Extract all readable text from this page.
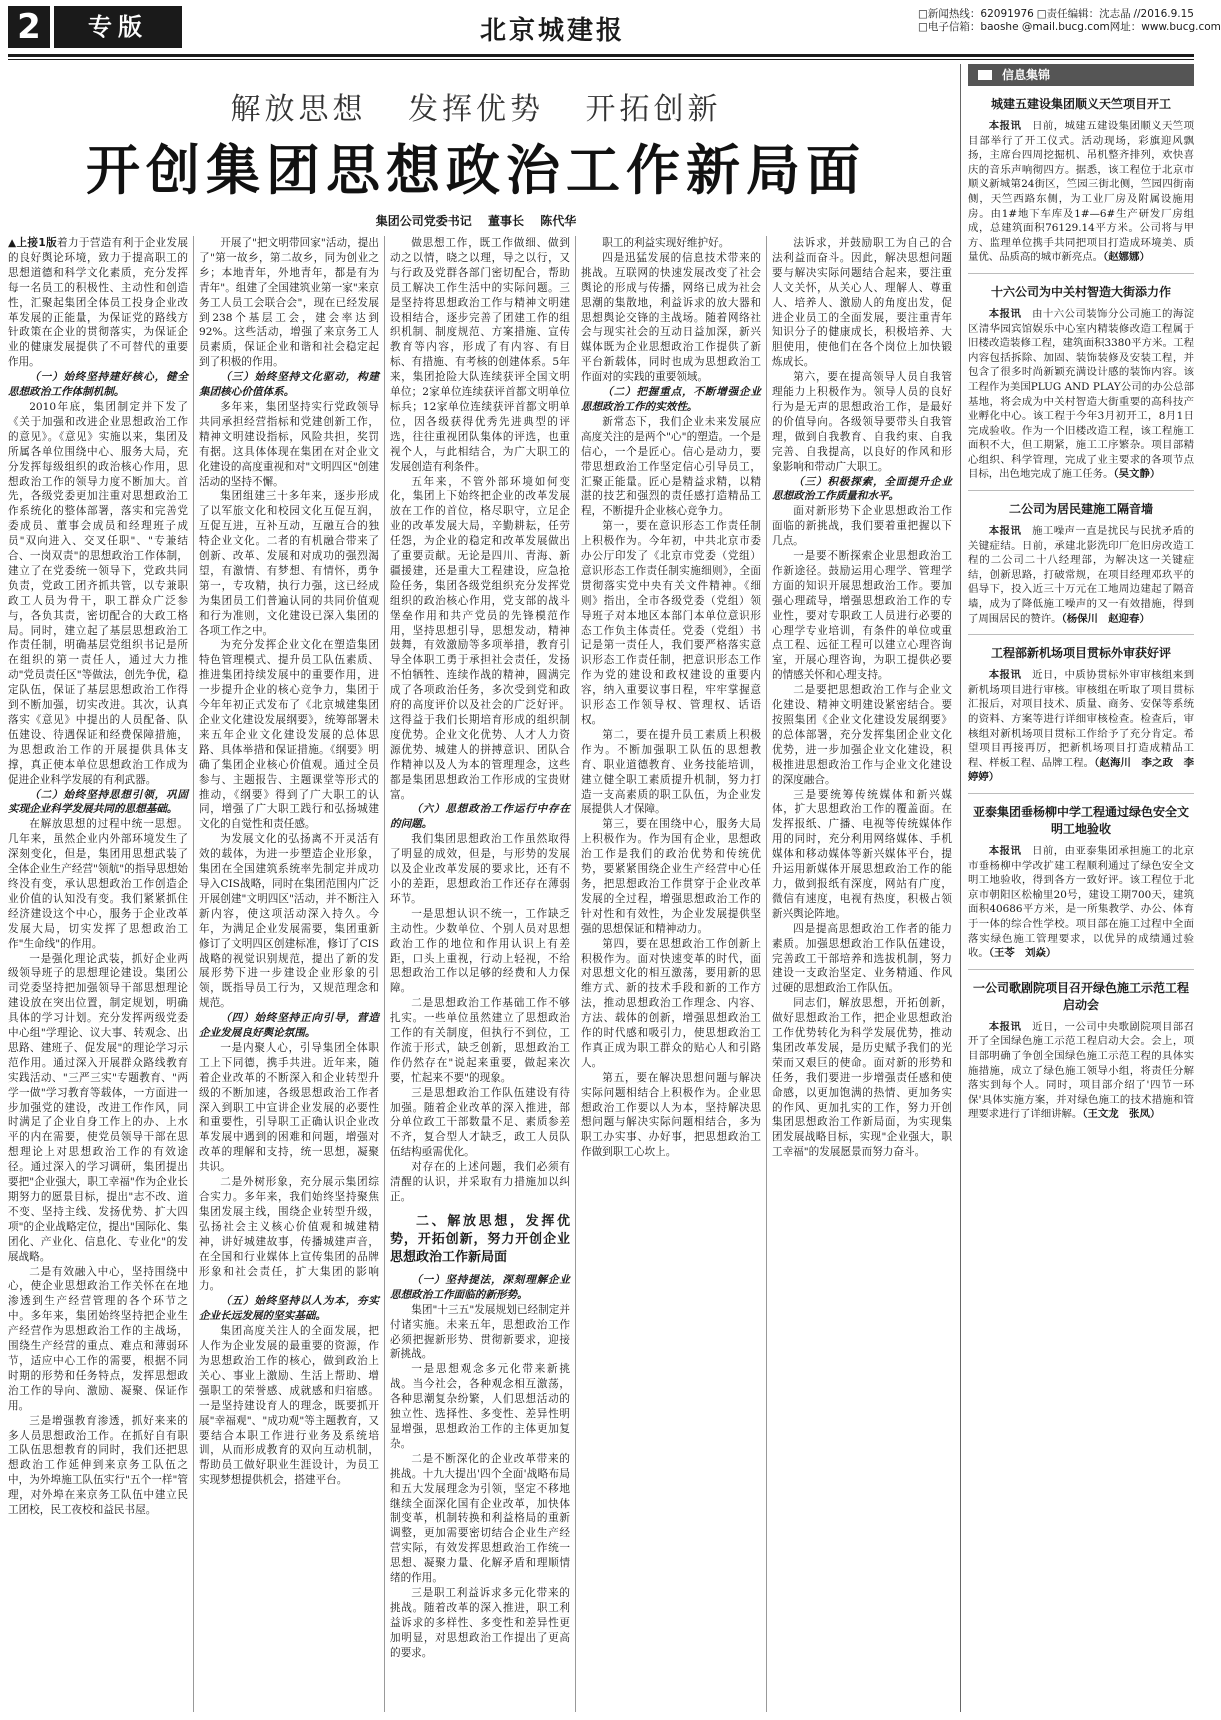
2	专版	北京城建报
□新闻热线：62091976 □责任编辑：沈志晶 //2016.9.15
□电子信箱：baoshe @mail.bucg.com 网址：www.bucg.com
解放思想 发挥优势 开拓创新
开创集团思想政治工作新局面
集团公司党委书记 董事长 陈代华

▲上接1版着力于营造有利于企业发展的良好舆论环境，致力于提高职工的思想道德和科学文化素质，充分发挥每一名员工的积极性、主动性和创造性，汇聚起集团全体员工投身企业改革发展的正能量，为保证党的路线方针政策在企业的贯彻落实，为保证企业的健康发展提供了不可替代的重要作用。

（一）始终坚持建好核心，健全思想政治工作体制机制。

2010年底，集团制定并下发了《关于加强和改进企业思想政治工作的意见》。《意见》实施以来，集团及所属各单位围绕中心、服务大局，充分发挥每级组织的政治核心作用，思想政治工作的领导力度不断加大。首先，各级党委更加注重对思想政治工作系统化的整体部署，落实和完善党委成员、董事会成员和经理班子成员"双向进入、交叉任职"、"专兼结合、一岗双责"的思想政治工作体制，建立了在党委统一领导下，党政共同负责，党政工团齐抓共管，以专兼职政工人员为骨干，职工群众广泛参与，各负其责，密切配合的大政工格局。同时，建立起了基层思想政治工作责任制，明确基层党组织书记是所在组织的第一责任人，通过大力推动"党员责任区"等做法，创先争优，稳定队伍，保证了基层思想政治工作得到不断加强，切实改进。其次，认真落实《意见》中提出的人员配备、队伍建设、待遇保证和经费保障措施，为思想政治工作的开展提供具体支撑，真正使本单位思想政治工作成为促进企业科学发展的有利武器。

（二）始终坚持思想引领，巩固实现企业科学发展共同的思想基础。

在解放思想的过程中统一思想。几年来，虽然企业内外部环境发生了深刻变化，但是，集团用思想武装了全体企业生产经营"领航"的指导思想始终没有变，承认思想政治工作创造企业价值的认知没有变。我们紧紧抓住经济建设这个中心，服务于企业改革发展大局，切实发挥了思想政治工作"生命线"的作用。

一是强化理论武装，抓好企业两级领导班子的思想理论建设。集团公司党委坚持把加强领导干部思想理论建设放在突出位置，制定规划，明确具体的学习计划。充分发挥两级党委中心组"学理论、议大事、转观念、出思路、建班子、促发展"的理论学习示范作用。通过深入开展群众路线教育实践活动、"三严三实"专题教育、"两学一做"学习教育等载体，一方面进一步加强党的建设，改进工作作风，同时满足了企业自身工作上的办、上水平的内在需要，使党员领导干部在思想理论上对思想政治工作的有效途径。通过深入的学习调研，集团提出要把"企业强大，职工幸福"作为企业长期努力的愿景目标，提出"志不改、道不变、坚持主线、发扬优势、扩大四项"的企业战略定位，提出"国际化、集团化、产业化、信息化、专业化"的发展战略。

二是有效融入中心，坚持围绕中心，使企业思想政治工作关怀在在地渗透到生产经营管理的各个环节之中。多年来，集团始终坚持把企业生产经营作为思想政治工作的主战场，围绕生产经营的重点、难点和薄弱环节，适应中心工作的需要，根据不同时期的形势和任务特点，发挥思想政治工作的导向、激励、凝聚、保证作用。

三是增强教育渗透，抓好来来的多人员思想政治工作。在抓好自有职工队伍思想教育的同时，我们还把思想政治工作延伸到来京务工队伍之中，为外埠施工队伍实行"五个一样"管理，对外埠在来京务工队伍中建立民工团校，民工夜校和益民书屋。

开展了"把文明带回家"活动，提出了"第一故乡，第二故乡，同为创业之乡；本地青年，外地青年，都是有为青年"。组建了全国建筑业第一家"来京务工人员工会联合会"，现在已经发展到238个基层工会，建会率达到92%。这些活动，增强了来京务工人员素质，保证企业和谐和社会稳定起到了积极的作用。

（三）始终坚持文化驱动，构建集团核心价值体系。

多年来，集团坚持实行党政领导共同承担经营指标和党建创新工作，精神文明建设指标，风险共担，奖罚有据。这具体体现在集团在对企业文化建设的高度重视和对"文明四区"创建活动的坚持不懈。

集团组建三十多年来，逐步形成了以军旅文化和校园文化互促互润，互促互进，互补互动，互融互合的独特企业文化。二者的有机融合带来了创新、改革、发展和对成功的强烈渴望，有激情、有梦想、有情怀，勇争第一，专攻精，执行力强，这已经成为集团员工们普遍认同的共同价值观和行为准则，文化建设已深入集团的各项工作之中。

为充分发挥企业文化在塑造集团特色管理模式、提升员工队伍素质、推进集团持续发展中的重要作用，进一步提升企业的核心竞争力，集团于今年年初正式发布了《北京城建集团企业文化建设发展纲要》，统筹部署未来五年企业文化建设发展的总体思路、具体举措和保证措施。《纲要》明确了集团企业核心价值观。通过全员参与、主题报告、主题课堂等形式的推动，《纲要》得到了广大职工的认同，增强了广大职工践行和弘扬城建文化的自觉性和责任感。

为发展文化的弘扬离不开灵活有效的载体，为进一步塑造企业形象，集团在全国建筑系统率先制定并成功导入CIS战略，同时在集团范围内广泛开展创建"文明四区"活动，并不断注入新内容，使这项活动深入持久。今年，为满足企业发展需要，集团重新修订了文明四区创建标准，修订了CIS战略的视觉识别规范，提出了新的发展形势下进一步建设企业形象的引领，既指导员工行为，又规范理念和规范。

（四）始终坚持正向引导，营造企业发展良好舆论氛围。

一是内聚人心，引导集团全体职工上下同德，携手共进。近年来，随着企业改革的不断深入和企业转型升级的不断加速，各级思想政治工作者深入到职工中宣讲企业发展的必要性和重要性，引导职工正确认识企业改革发展中遇到的困难和问题，增强对改革的理解和支持，统一思想，凝聚共识。

二是外树形象，充分展示集团综合实力。多年来，我们始终坚持聚焦集团发展主线，围绕企业转型升级，弘扬社会主义核心价值观和城建精神，讲好城建故事，传播城建声音，在全国和行业媒体上宣传集团的品牌形象和社会责任，扩大集团的影响力。

（五）始终坚持以人为本，夯实企业长远发展的坚实基础。

集团高度关注人的全面发展，把人作为企业发展的最重要的资源，作为思想政治工作的核心，做到政治上关心、事业上激励、生活上帮助、增强职工的荣誉感、成就感和归宿感。一是坚持建设育人的理念，既要抓开展"幸福观"、"成功观"等主题教育，又要结合本职工作进行业务及系统培训，从而形成教育的双向互动机制，帮助员工做好职业生涯设计，为员工实现梦想提供机会，搭建平台。

做思想工作，既工作做细、做到动之以情，晓之以理，导之以行，又与行政及党群各部门密切配合，帮助员工解决工作生活中的实际问题。三是坚持将思想政治工作与精神文明建设相结合，逐步完善了团建工作的组织机制、制度规范、方案措施、宣传教育等内容，形成了有内容、有目标、有措施、有考核的创建体系。5年来，集团抢险大队连续获评全国文明单位；2家单位连续获评首都文明单位标兵；12家单位连续获评首都文明单位，因各级获得优秀先进典型的评选，往往重视团队集体的评选，也重视个人，与此相结合，为广大职工的发展创造有利条件。

五年来，不管外部环境如何变化，集团上下始终把企业的改革发展放在工作的首位，格尽职守，立足企业的改革发展大局，辛勤耕耘，任劳任怨，为企业的稳定和改革发展做出了重要贡献。无论是四川、青海、新疆援建，还是重大工程建设，应急抢险任务，集团各级党组织充分发挥党组织的政治核心作用，党支部的战斗堡垒作用和共产党员的先锋模范作用，坚持思想引导，思想发动，精神鼓舞，有效激励等多项举措，教育引导全体职工勇于承担社会责任，发扬不怕牺牲、连续作战的精神，圆满完成了各项政治任务，多次受到党和政府的高度评价以及社会的广泛好评。这得益于我们长期培育形成的组织制度优势。企业文化优势、人才人力资源优势、城建人的拼搏意识、团队合作精神以及人为本的管理理念，这些都是集团思想政治工作形成的宝贵财富。

（六）思想政治工作运行中存在的问题。

我们集团思想政治工作虽然取得了明显的成效，但是，与形势的发展以及企业改革发展的要求比，还有不小的差距，思想政治工作还存在薄弱环节。

一是思想认识不统一，工作缺乏主动性。少数单位、个别人员对思想政治工作的地位和作用认识上有差距，口头上重视，行动上轻视，不给思想政治工作以足够的经费和人力保障。

二是思想政治工作基础工作不够扎实。一些单位虽然建立了思想政治工作的有关制度，但执行不到位，工作流于形式，缺乏创新，思想政治工作仍然存在"说起来重要，做起来次要，忙起来不要"的现象。

三是思想政治工作队伍建设有待加强。随着企业改革的深入推进，部分单位政工干部数量不足、素质参差不齐，复合型人才缺乏，政工人员队伍结构亟需优化。

对存在的上述问题，我们必须有清醒的认识，并采取有力措施加以纠正。

二、解放思想，发挥优势，开拓创新，努力开创企业思想政治工作新局面

（一）坚持提法，深刻理解企业思想政治工作面临的新形势。

集团"十三五"发展规划已经制定并付诸实施。未来五年，思想政治工作必须把握新形势、贯彻新要求，迎接新挑战。

一是思想观念多元化带来新挑战。当今社会，各种观念相互激荡，各种思潮复杂纷繁，人们思想活动的独立性、选择性、多变性、差异性明显增强，思想政治工作的主体更加复杂。

二是不断深化的企业改革带来的挑战。十九大提出'四个全面'战略布局和五大发展理念为引领，坚定不移地继续全面深化国有企业改革，加快体制变革，机制转换和利益格局的重新调整，更加需要密切结合企业生产经营实际，有效发挥思想政治工作统一思想、凝聚力量、化解矛盾和理顺情绪的作用。

三是职工利益诉求多元化带来的挑战。随着改革的深入推进，职工利益诉求的多样性、多变性和差异性更加明显，对思想政治工作提出了更高的要求。

职工的利益实现好维护好。

四是迅猛发展的信息技术带来的挑战。互联网的快速发展改变了社会舆论的形成与传播，网络已成为社会思潮的集散地，利益诉求的放大器和思想舆论交锋的主战场。随着网络社会与现实社会的互动日益加深，新兴媒体既为企业思想政治工作提供了新平台新载体，同时也成为思想政治工作面对的实践的重要领域。

（二）把握重点，不断增强企业思想政治工作的实效性。

新常态下，我们企业未来发展应高度关注的是两个"心"的塑造。一个是信心，一个是匠心。信心是动力，要带思想政治工作坚定信心引导员工，汇聚正能量。匠心是精益求精，以精湛的技艺和强烈的责任感打造精品工程，不断提升企业核心竞争力。

第一，要在意识形态工作责任制上积极作为。今年初，中共北京市委办公厅印发了《北京市党委（党组）意识形态工作责任制实施细则》，全面贯彻落实党中央有关文件精神。《细则》指出，全市各级党委（党组）领导班子对本地区本部门本单位意识形态工作负主体责任。党委（党组）书记是第一责任人，我们要严格落实意识形态工作责任制，把意识形态工作作为党的建设和政权建设的重要内容，纳入重要议事日程，牢牢掌握意识形态工作领导权、管理权、话语权。

第二，要在提升员工素质上积极作为。不断加强职工队伍的思想教育、职业道德教育、业务技能培训，建立健全职工素质提升机制，努力打造一支高素质的职工队伍，为企业发展提供人才保障。

第三，要在围绕中心，服务大局上积极作为。作为国有企业，思想政治工作是我们的政治优势和传统优势，要紧紧围绕企业生产经营中心任务，把思想政治工作贯穿于企业改革发展的全过程，增强思想政治工作的针对性和有效性，为企业发展提供坚强的思想保证和精神动力。

第四，要在思想政治工作创新上积极作为。面对快速变革的时代，面对思想文化的相互激荡，要用新的思维方式、新的技术手段和新的工作方法，推动思想政治工作理念、内容、方法、载体的创新，增强思想政治工作的时代感和吸引力，使思想政治工作真正成为职工群众的贴心人和引路人。

第五，要在解决思想问题与解决实际问题相结合上积极作为。企业思想政治工作要以人为本，坚持解决思想问题与解决实际问题相结合，多为职工办实事、办好事，把思想政治工作做到职工心坎上。

法诉求，并鼓励职工为自己的合法利益而奋斗。因此，解决思想问题要与解决实际问题结合起来，要注重人文关怀，从关心人、理解人、尊重人、培养人、激励人的角度出发，促进企业员工的全面发展，要注重青年知识分子的健康成长，积极培养、大胆使用，使他们在各个岗位上加快锻炼成长。

第六，要在提高领导人员自我管理能力上积极作为。领导人员的良好行为是无声的思想政治工作，是最好的价值导向。各级领导要带头自我管理，做到自我教育、自我约束、自我完善、自我提高，以良好的作风和形象影响和带动广大职工。

（三）积极探索，全面提升企业思想政治工作质量和水平。

面对新形势下企业思想政治工作面临的新挑战，我们要着重把握以下几点。

一是要不断探索企业思想政治工作新途径。鼓励运用心理学、管理学方面的知识开展思想政治工作。要加强心理疏导，增强思想政治工作的专业性，要对专职政工人员进行必要的心理学专业培训，有条件的单位或重点工程、远征工程可以建立心理咨询室，开展心理咨询，为职工提供必要的情感关怀和心理支持。

二是要把思想政治工作与企业文化建设、精神文明建设紧密结合。要按照集团《企业文化建设发展纲要》的总体部署，充分发挥集团企业文化优势，进一步加强企业文化建设，积极推进思想政治工作与企业文化建设的深度融合。

三是要统筹传统媒体和新兴媒体，扩大思想政治工作的覆盖面。在发挥报纸、广播、电视等传统媒体作用的同时，充分利用网络媒体、手机媒体和移动媒体等新兴媒体平台，提升运用新媒体开展思想政治工作的能力，做到报纸有深度，网站有广度，微信有速度，电视有热度，积极占领新兴舆论阵地。

四是提高思想政治工作者的能力素质。加强思想政治工作队伍建设，完善政工干部培养和选拔机制，努力建设一支政治坚定、业务精通、作风过硬的思想政治工作队伍。

同志们，解放思想，开拓创新，做好思想政治工作，把企业思想政治工作优势转化为科学发展优势，推动集团改革发展，是历史赋予我们的光荣而又艰巨的使命。面对新的形势和任务，我们要进一步增强责任感和使命感，以更加饱满的热情、更加务实的作风、更加扎实的工作，努力开创集团思想政治工作新局面，为实现集团发展战略目标，实现"企业强大，职工幸福"的发展愿景而努力奋斗。

信息集锦
城建五建设集团顺义天竺项目开工

本报讯　 日前，城建五建设集团顺义天竺项目部举行了开工仪式。活动现场，彩旗迎风飘扬，主席台四周挖掘机、吊机整齐排列，欢快喜庆的音乐声响彻四方。据悉，该工程位于北京市顺义新城第24街区，竺园三街北侧，竺园四街南侧，天竺西路东侧，为工业厂房及附属设施用房。由1#地下车库及1#—6#生产研发厂房组成，总建筑面积76129.14平方米。公司将与甲方、监理单位携手共同把项目打造成环境美、质量优、品质高的城市新亮点。（赵娜娜）

十六公司为中关村智造大街添力作

本报讯　 由十六公司装饰分公司施工的海淀区清华园宾馆娱乐中心室内精装修改造工程属于旧楼改造装修工程，建筑面积3380平方米。工程内容包括拆除、加固、装饰装修及安装工程，并包含了很多时尚新颖充满设计感的装饰内容。该工程作为美国PLUG AND PLAY公司的办公总部基地，将会成为中关村智造大街重要的高科技产业孵化中心。该工程于今年3月初开工，8月1日完成验收。作为一个旧楼改造工程，该工程施工面积不大，但工期紧，施工工序繁杂。项目部精心组织、科学管理，完成了业主要求的各项节点目标，出色地完成了施工任务。（吴文静）

二公司为居民建施工隔音墙

本报讯　 施工噪声一直是扰民与民扰矛盾的关键症结。日前，承建北影洗印厂危旧房改造工程的二公司二十八经理部，为解决这一关键症结，创新思路，打破常规，在项目经理邓玖平的倡导下，投入近三十万元在工地周边建起了隔音墙，成为了降低施工噪声的又一有效措施，得到了周围居民的赞许。（杨保川　赵迎春）

工程部新机场项目贯标外审获好评

本报讯　 近日，中质协贯标外审审核组来到新机场项目进行审核。审核组在听取了项目贯标汇报后，对项目技术、质量、商务、安保等系统的资料、方案等进行详细审核检查。检查后，审核组对新机场项目贯标工作给予了充分肯定。希望项目再接再厉，把新机场项目打造成精品工程、样板工程、品牌工程。（赵海川　李之政　李婷婷）

亚泰集团垂杨柳中学工程通过绿色安全文明工地验收

本报讯　 日前，由亚泰集团承担施工的北京市垂杨柳中学改扩建工程顺利通过了绿色安全文明工地验收，得到各方一致好评。该工程位于北京市朝阳区松榆里20号，建设工期700天，建筑面积40686平方米，是一所集教学、办公、体育于一体的综合性学校。项目部在施工过程中全面落实绿色施工管理要求，以优异的成绩通过验收。（王苓　刘焱）

一公司歌剧院项目召开绿色施工示范工程启动会

本报讯　 近日，一公司中央歌剧院项目部召开了全国绿色施工示范工程启动大会。会上，项目部明确了争创全国绿色施工示范工程的具体实施措施，成立了绿色施工领导小组，将责任分解落实到每个人。同时，项目部介绍了'四节一环保'具体实施方案，并对绿色施工的技术措施和管理要求进行了详细讲解。（王文龙　张凤）
